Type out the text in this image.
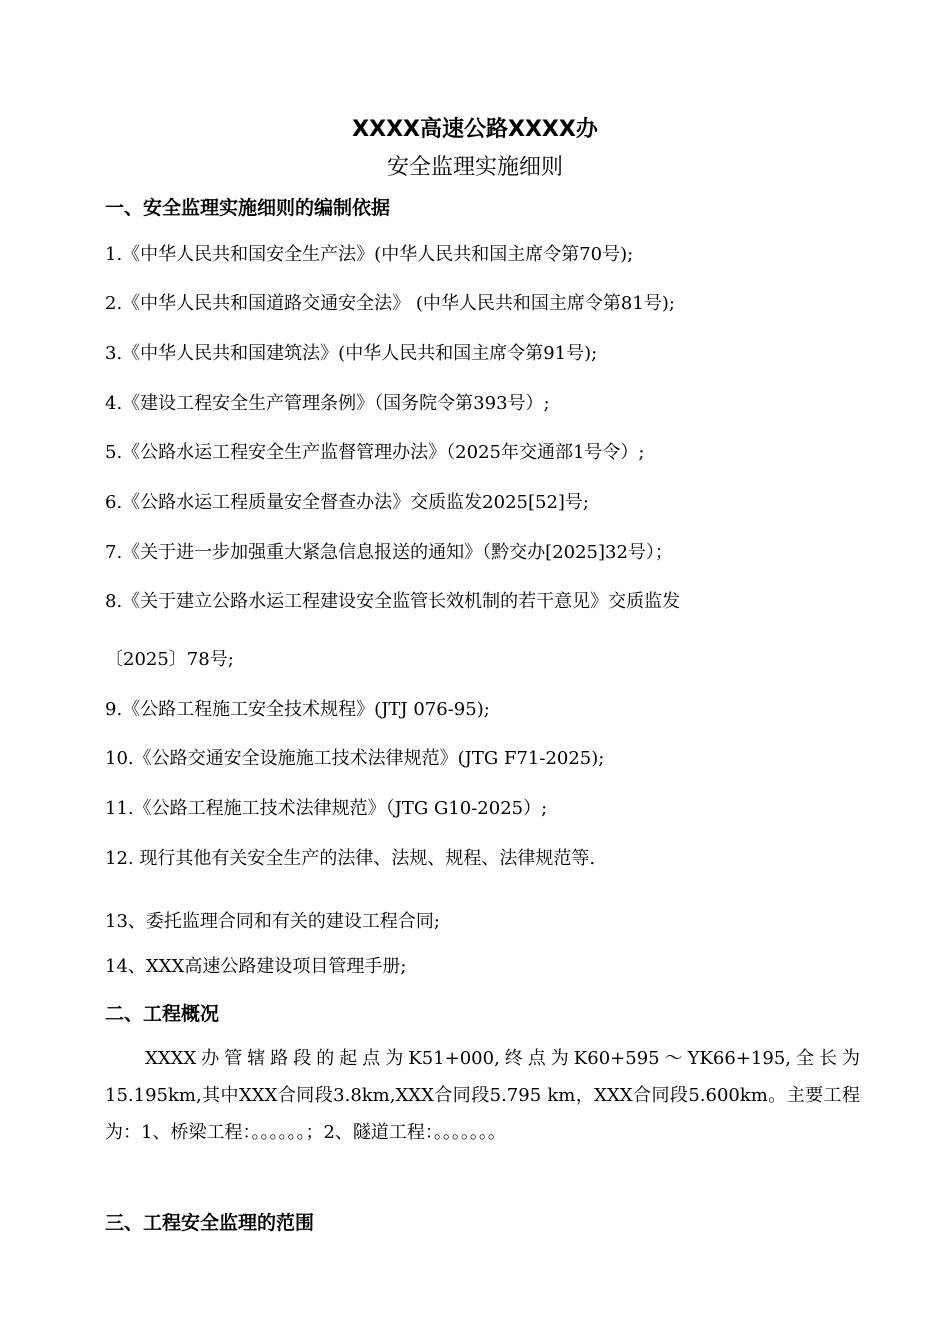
XXXX高速公路XXXX办
安全监理实施细则
一、安全监理实施细则的编制依据
1.《中华人民共和国安全生产法》(中华人民共和国主席令第70号);
2.《中华人民共和国道路交通安全法》 (中华人民共和国主席令第81号);
3.《中华人民共和国建筑法》(中华人民共和国主席令第91号);
4.《建设工程安全生产管理条例》（国务院令第393号）;
5.《公路水运工程安全生产监督管理办法》（2025年交通部1号令）;
6.《公路水运工程质量安全督查办法》交质监发2025[52]号;
7.《关于进一步加强重大紧急信息报送的通知》（黔交办[2025]32号）；
8.《关于建立公路水运工程建设安全监管长效机制的若干意见》交质监发
〔2025〕78号;
9.《公路工程施工安全技术规程》(JTJ 076-95);
10.《公路交通安全设施施工技术法律规范》(JTG F71-2025);
11.《公路工程施工技术法律规范》（JTG G10-2025）;
12. 现行其他有关安全生产的法律、法规、规程、法律规范等.
13、委托监理合同和有关的建设工程合同;
14、XXX高速公路建设项目管理手册;
二、工程概况
XXXX办管辖路段的起点为K51+000,终点为K60+595～YK66+195,全长为15.195km,其中XXX合同段3.8km,XXX合同段5.795 km，XXX合同段5.600km。主要工程为：1、桥梁工程：。。。。。。；2、隧道工程：。。。。。。。
三、工程安全监理的范围
